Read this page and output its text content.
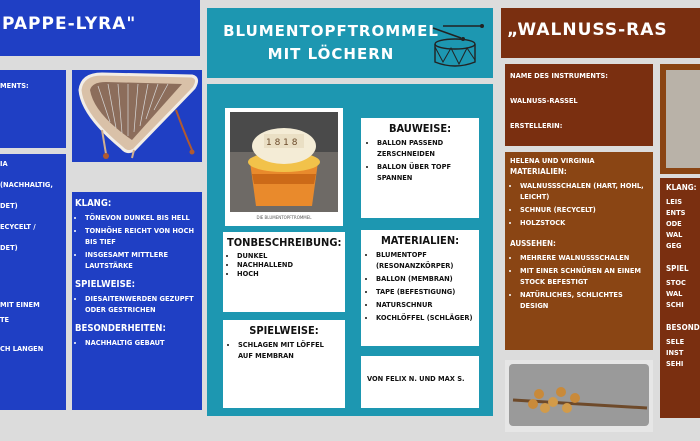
PAPPE-LYRA"
MENTS:
IA
(NACHHALTIG,
DET)
ECYCELT /
DET)
MIT EINEM
TE
CH LANGEN
KLANG:
• TÖNEVON DUNKEL BIS HELL
• TONHÖHE REICHT VON HOCH BIS TIEF
• INSGESAMT MITTLERE LAUTSTÄRKE
SPIELWEISE:
• DIESAITENWERDEN GEZUPFT ODER GESTRICHEN
BESONDERHEITEN:
• NACHHALTIG GEBAUT
BLUMENTOPFTROMMEL MIT LÖCHERN
1 8 1 8
DIE BLUMENTOPFTROMMEL
BAUWEISE:
• BALLON PASSEND ZERSCHNEIDEN
• BALLON ÜBER TOPF SPANNEN
TONBESCHREIBUNG:
• DUNKEL
• NACHHALLEND
• HOCH
MATERIALIEN:
• BLUMENTOPF (RESONANZKÖRPER)
• BALLON (MEMBRAN)
• TAPE (BEFESTIGUNG)
• NATURSCHNUR
• KOCHLÖFFEL (SCHLÄGER)
SPIELWEISE:
• SCHLAGEN MIT LÖFFEL AUF MEMBRAN
VON FELIX N. UND MAX S.
„WALNUSS-RAS
NAME DES INSTRUMENTS:
WALNUSS-RASSEL
ERSTELLERIN:
HELENA UND VIRGINIA
MATERIALIEN:
• WALNUSSSCHALEN (HART, HOHL, LEICHT)
• SCHNUR (RECYCELT)
• HOLZSTOCK
AUSSEHEN:
• MEHRERE WALNUSSSCHALEN
• MIT EINER SCHNÜREN AN EINEM STOCK BEFESTIGT
• NATÜRLICHES, SCHLICHTES DESIGN
KLANG:
LEIS
ENTS
ODE
WAL
GEG
SPIEL
STOC
WAL
SCHI
BESOND
SELE
INST
SEHI
